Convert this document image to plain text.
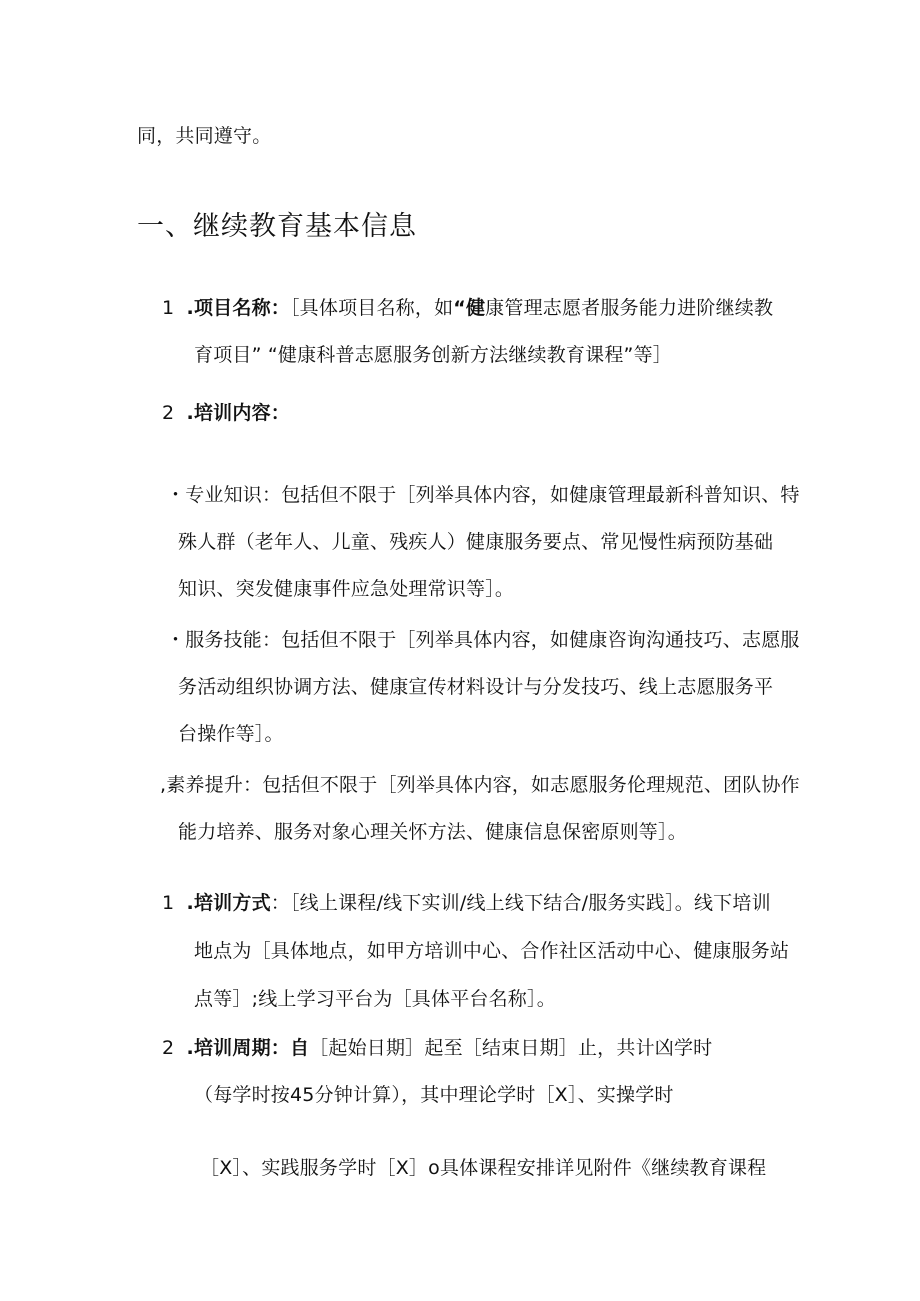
同，共同遵守。
一、继续教育基本信息
1 .项目名称：［具体项目名称，如“健康管理志愿者服务能力进阶继续教
育项目” “健康科普志愿服务创新方法继续教育课程”等］
2 .培训内容：
・专业知识：包括但不限于［列举具体内容，如健康管理最新科普知识、特
殊人群（老年人、儿童、残疾人）健康服务要点、常见慢性病预防基础
知识、突发健康事件应急处理常识等］。
・服务技能：包括但不限于［列举具体内容，如健康咨询沟通技巧、志愿服
务活动组织协调方法、健康宣传材料设计与分发技巧、线上志愿服务平
台操作等］。
,素养提升：包括但不限于［列举具体内容，如志愿服务伦理规范、团队协作
能力培养、服务对象心理关怀方法、健康信息保密原则等］。
1 .培训方式：［线上课程/线下实训/线上线下结合/服务实践］。线下培训
地点为［具体地点，如甲方培训中心、合作社区活动中心、健康服务站
点等］;线上学习平台为［具体平台名称］。
2 .培训周期：自［起始日期］起至［结束日期］止，共计凶学时
（每学时按45分钟计算），其中理论学时［X］、实操学时
［X］、实践服务学时［X］o具体课程安排详见附件《继续教育课程
